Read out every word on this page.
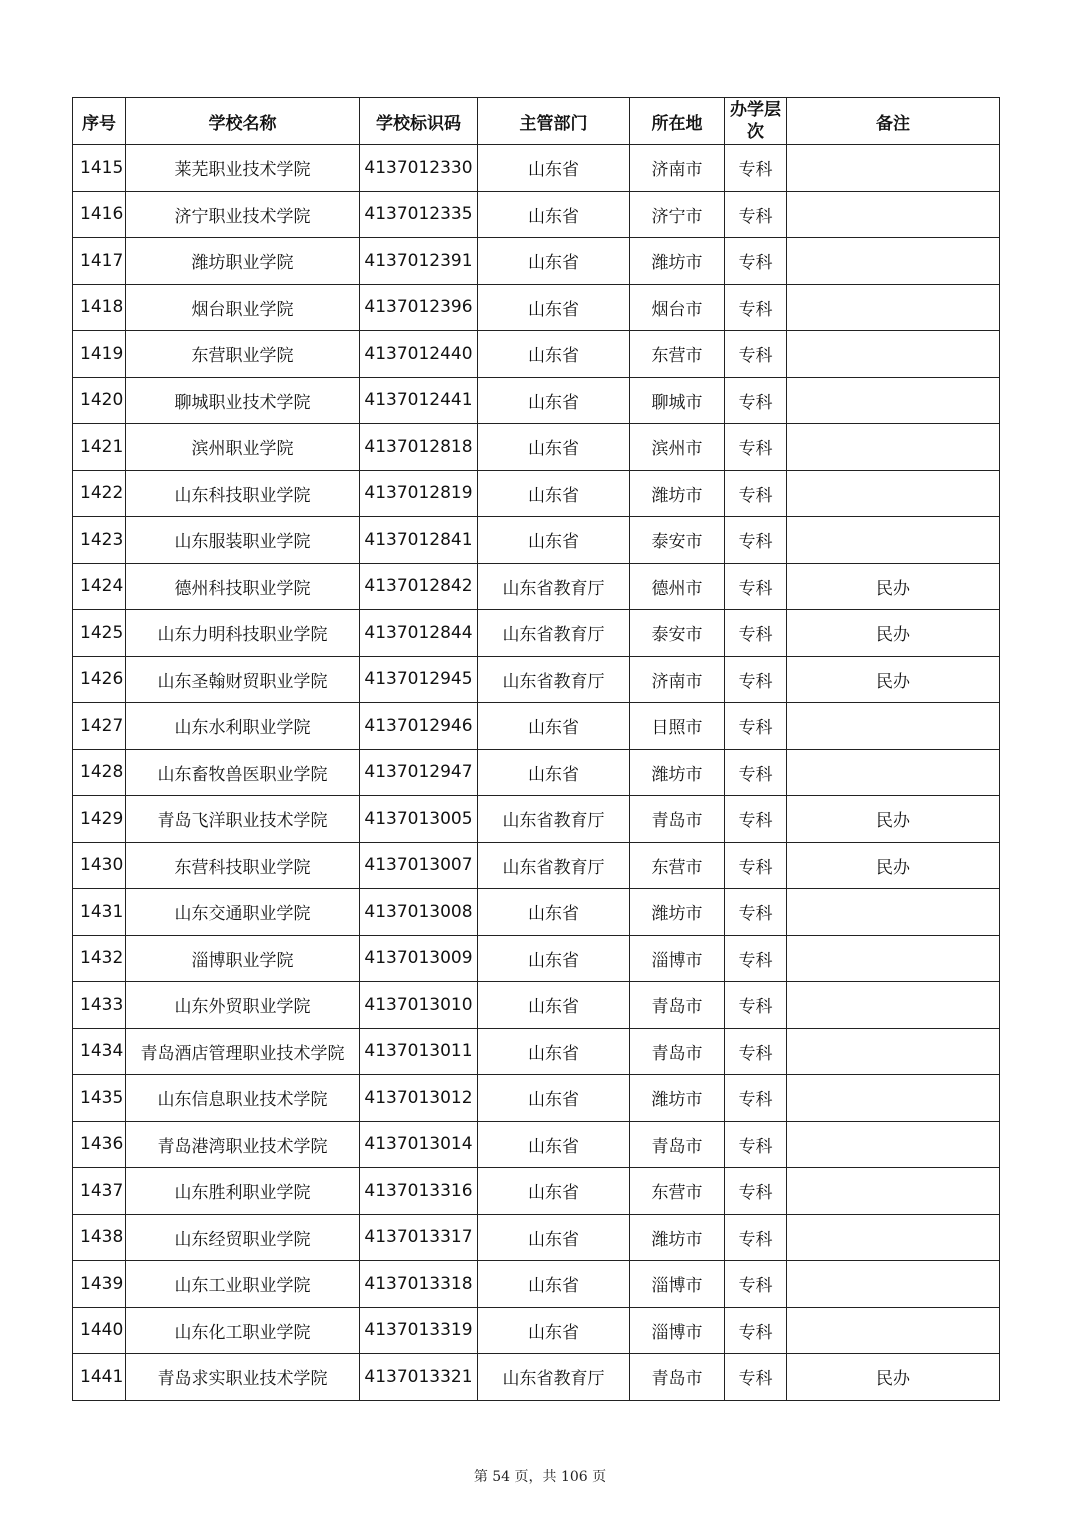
序号	学校名称	学校标识码	主管部门	所在地	办学层次	备注
1415	莱芜职业技术学院	4137012330	山东省	济南市	专科	
1416	济宁职业技术学院	4137012335	山东省	济宁市	专科	
1417	潍坊职业学院	4137012391	山东省	潍坊市	专科	
1418	烟台职业学院	4137012396	山东省	烟台市	专科	
1419	东营职业学院	4137012440	山东省	东营市	专科	
1420	聊城职业技术学院	4137012441	山东省	聊城市	专科	
1421	滨州职业学院	4137012818	山东省	滨州市	专科	
1422	山东科技职业学院	4137012819	山东省	潍坊市	专科	
1423	山东服装职业学院	4137012841	山东省	泰安市	专科	
1424	德州科技职业学院	4137012842	山东省教育厅	德州市	专科	民办
1425	山东力明科技职业学院	4137012844	山东省教育厅	泰安市	专科	民办
1426	山东圣翰财贸职业学院	4137012945	山东省教育厅	济南市	专科	民办
1427	山东水利职业学院	4137012946	山东省	日照市	专科	
1428	山东畜牧兽医职业学院	4137012947	山东省	潍坊市	专科	
1429	青岛飞洋职业技术学院	4137013005	山东省教育厅	青岛市	专科	民办
1430	东营科技职业学院	4137013007	山东省教育厅	东营市	专科	民办
1431	山东交通职业学院	4137013008	山东省	潍坊市	专科	
1432	淄博职业学院	4137013009	山东省	淄博市	专科	
1433	山东外贸职业学院	4137013010	山东省	青岛市	专科	
1434	青岛酒店管理职业技术学院	4137013011	山东省	青岛市	专科	
1435	山东信息职业技术学院	4137013012	山东省	潍坊市	专科	
1436	青岛港湾职业技术学院	4137013014	山东省	青岛市	专科	
1437	山东胜利职业学院	4137013316	山东省	东营市	专科	
1438	山东经贸职业学院	4137013317	山东省	潍坊市	专科	
1439	山东工业职业学院	4137013318	山东省	淄博市	专科	
1440	山东化工职业学院	4137013319	山东省	淄博市	专科	
1441	青岛求实职业技术学院	4137013321	山东省教育厅	青岛市	专科	民办
第 54 页，共 106 页
